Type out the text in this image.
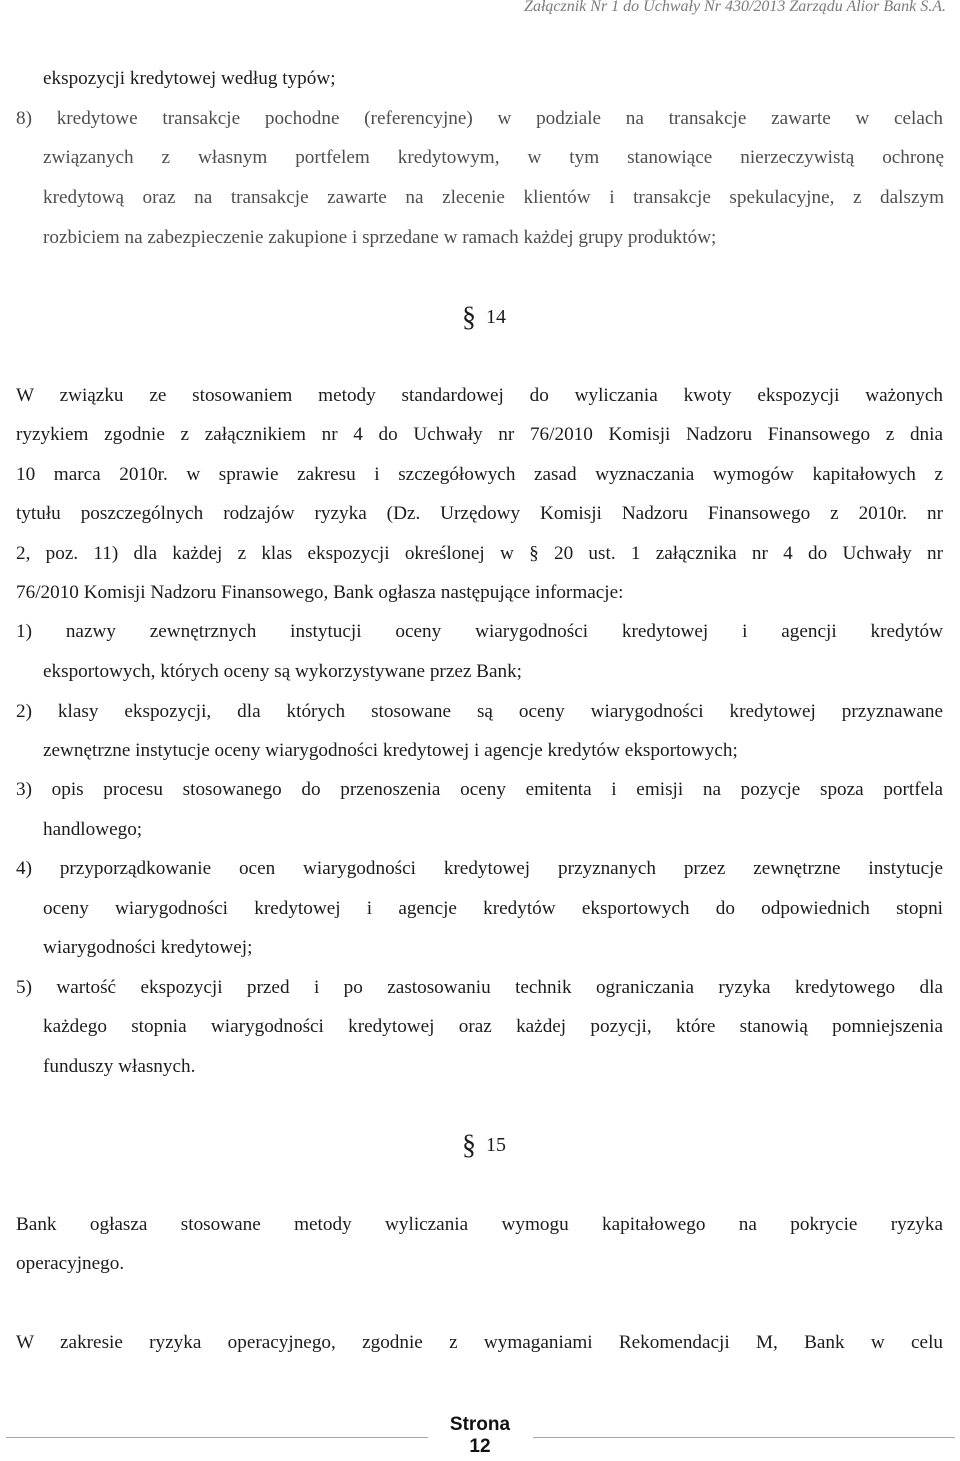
Załącznik Nr 1 do Uchwały Nr 430/2013 Zarządu Alior Bank S.A.
ekspozycji kredytowej według typów;
8) kredytowe transakcje pochodne (referencyjne) w podziale na transakcje zawarte w celach
związanych z własnym portfelem kredytowym, w tym stanowiące nierzeczywistą ochronę
kredytową oraz na transakcje zawarte na zlecenie klientów i transakcje spekulacyjne, z dalszym
rozbiciem na zabezpieczenie zakupione i sprzedane w ramach każdej grupy produktów;
§ 14
W związku ze stosowaniem metody standardowej do wyliczania kwoty ekspozycji ważonych
ryzykiem zgodnie z załącznikiem nr 4 do Uchwały nr 76/2010 Komisji Nadzoru Finansowego z dnia
10 marca 2010r. w sprawie zakresu i szczegółowych zasad wyznaczania wymogów kapitałowych z
tytułu poszczególnych rodzajów ryzyka (Dz. Urzędowy Komisji Nadzoru Finansowego z 2010r. nr
2, poz. 11) dla każdej z klas ekspozycji określonej w § 20 ust. 1 załącznika nr 4 do Uchwały nr
76/2010 Komisji Nadzoru Finansowego, Bank ogłasza następujące informacje:
1) nazwy zewnętrznych instytucji oceny wiarygodności kredytowej i agencji kredytów
eksportowych, których oceny są wykorzystywane przez Bank;
2) klasy ekspozycji, dla których stosowane są oceny wiarygodności kredytowej przyznawane
zewnętrzne instytucje oceny wiarygodności kredytowej i agencje kredytów eksportowych;
3) opis procesu stosowanego do przenoszenia oceny emitenta i emisji na pozycje spoza portfela
handlowego;
4) przyporządkowanie ocen wiarygodności kredytowej przyznanych przez zewnętrzne instytucje
oceny wiarygodności kredytowej i agencje kredytów eksportowych do odpowiednich stopni
wiarygodności kredytowej;
5) wartość ekspozycji przed i po zastosowaniu technik ograniczania ryzyka kredytowego dla
każdego stopnia wiarygodności kredytowej oraz każdej pozycji, które stanowią pomniejszenia
funduszy własnych.
§ 15
Bank ogłasza stosowane metody wyliczania wymogu kapitałowego na pokrycie ryzyka
operacyjnego.
W zakresie ryzyka operacyjnego, zgodnie z wymaganiami Rekomendacji M, Bank w celu
Strona
12
